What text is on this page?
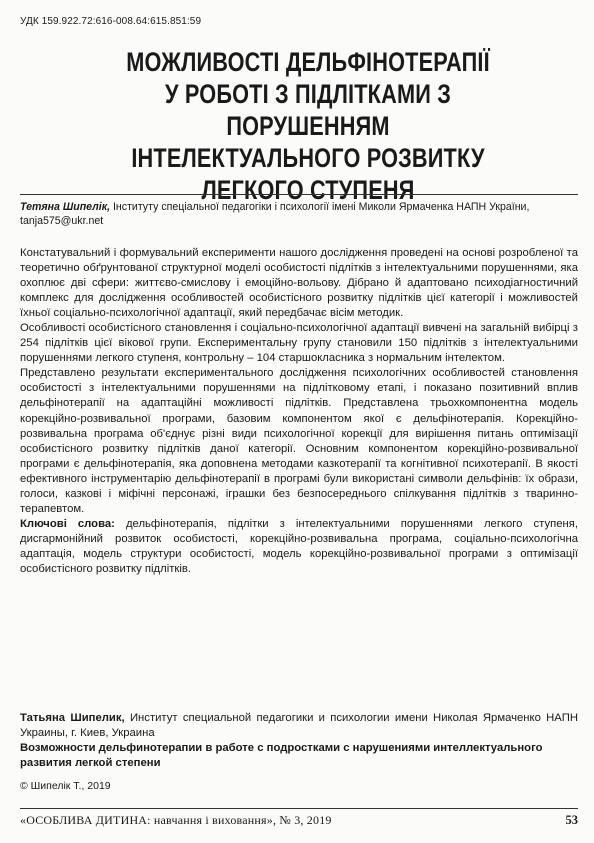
УДК 159.922.72:616-008.64:615.851:59
МОЖЛИВОСТІ ДЕЛЬФІНОТЕРАПІЇ
У РОБОТІ З ПІДЛІТКАМИ З ПОРУШЕННЯМ
ІНТЕЛЕКТУАЛЬНОГО РОЗВИТКУ
ЛЕГКОГО СТУПЕНЯ
Тетяна Шипелік, Інституту спеціальної педагогіки і психології імені Миколи Ярмаченка НАПН України,
tanja575@ukr.net

Констатувальний і формувальний експерименти нашого дослідження проведені на основі розробленої та теоретично обґрунтованої структурної моделі особистості підлітків з інтелектуальними порушеннями, яка охоплює дві сфери: життєво-смислову і емоційно-вольову. Дібрано й адаптовано психодіагностичний комплекс для дослідження особливостей особистісного розвитку підлітків цієї категорії і можливостей їхньої соціально-психологічної адаптації, який передбачає вісім методик.

Особливості особистісного становлення і соціально-психологічної адаптації вивчені на загальній вибірці з 254 підлітків цієї вікової групи. Експериментальну групу становили 150 підлітків з інтелектуальними порушеннями легкого ступеня, контрольну – 104 старшокласника з нормальним інтелектом.

Представлено результати експериментального дослідження психологічних особливостей становлення особистості з інтелектуальними порушеннями на підлітковому етапі, і показано позитивний вплив дельфінотерапії на адаптаційні можливості підлітків. Представлена трьохкомпонентна модель корекційно-розвивальної програми, базовим компонентом якої є дельфінотерапія. Корекційно-розвивальна програма об'єднує різні види психологічної корекції для вирішення питань оптимізації особистісного розвитку підлітків даної категорії. Основним компонентом корекційно-розвивальної програми є дельфінотерапія, яка доповнена методами казкотерапії та когнітивної психотерапії. В якості ефективного інструментарію дельфінотерапії в програмі були використані символи дельфінів: їх образи, голоси, казкові і міфічні персонажі, іграшки без безпосереднього спілкування підлітків з тваринно-терапевтом.

Ключові слова: дельфінотерапія, підлітки з інтелектуальними порушеннями легкого ступеня, дисгармонійний розвиток особистості, корекційно-розвивальна програма, соціально-психологічна адаптація, модель структури особистості, модель корекційно-розвивальної програми з оптимізації особистісного розвитку підлітків.

Татьяна Шипелик, Институт специальной педагогики и психологии имени Николая Ярмаченко НАПН Украины, г. Киев, Украина

Возможности дельфинотерапии в работе с подростками с нарушениями интеллектуального развития легкой степени

© Шипелік Т., 2019
«ОСОБЛИВА ДИТИНА: навчання і виховання», № 3, 2019	53
